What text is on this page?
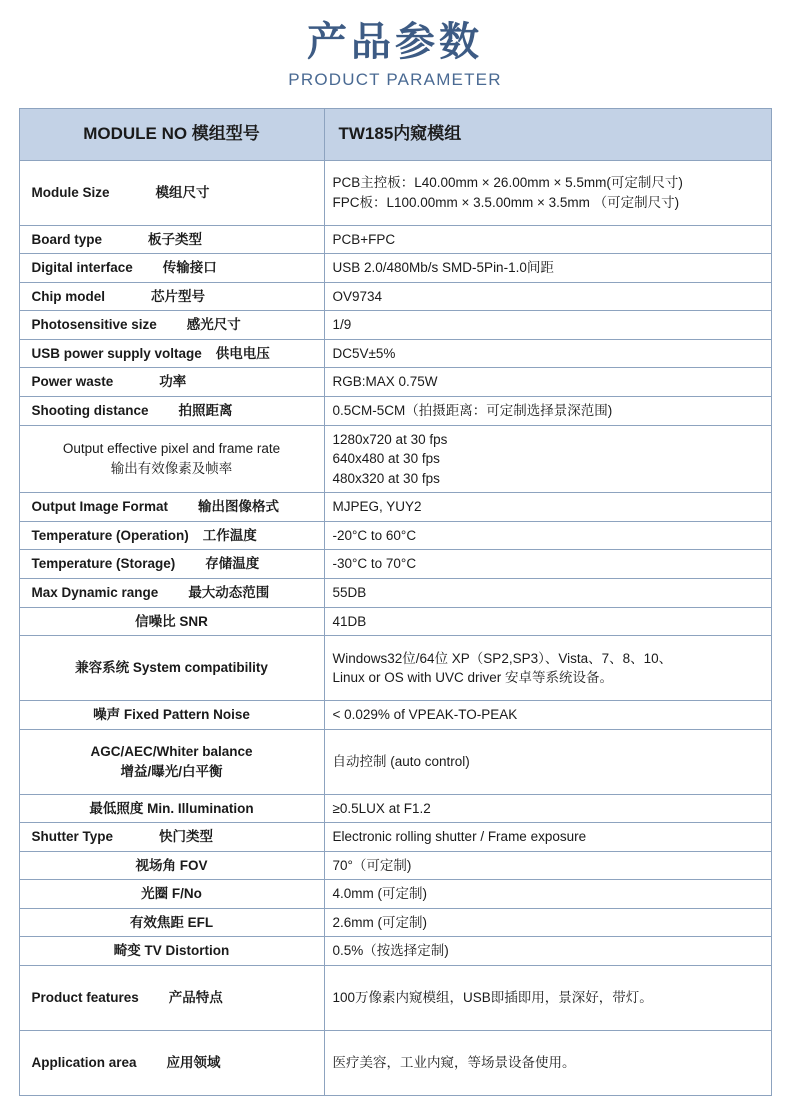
产品参数
PRODUCT PARAMETER
MODULE NO 模组型号	TW185内窥模组
Module Size 模组尺寸	PCB主控板：L40.00mm × 26.00mm × 5.5mm(可定制尺寸)
FPC板：L100.00mm × 3.5.00mm × 3.5mm （可定制尺寸)

Board type 板子类型	PCB+FPC

Digital interface 传输接口	USB 2.0/480Mb/s SMD-5Pin-1.0间距

Chip model 芯片型号	OV9734

Photosensitive size 感光尺寸	1/9

USB power supply voltage 供电电压	DC5V±5%

Power waste 功率	RGB:MAX 0.75W

Shooting distance 拍照距离	0.5CM-5CM（拍摄距离：可定制选择景深范围)

Output effective pixel and frame rate
输出有效像素及帧率	1280x720 at 30 fps
640x480 at 30 fps
480x320 at 30 fps

Output Image Format 输出图像格式	MJPEG, YUY2

Temperature (Operation) 工作温度	-20°C to 60°C

Temperature (Storage) 存储温度	-30°C to 70°C

Max Dynamic range 最大动态范围	55DB

信噪比 SNR	41DB

兼容系统 System compatibility	Windows32位/64位 XP（SP2,SP3）、Vista、7、8、10、
Linux or OS with UVC driver 安卓等系统设备。

噪声 Fixed Pattern Noise	< 0.029% of VPEAK-TO-PEAK

AGC/AEC/Whiter balance
增益/曝光/白平衡	自动控制 (auto control)

最低照度 Min. Illumination	≥0.5LUX at F1.2

Shutter Type 快门类型	Electronic rolling shutter / Frame exposure

视场角 FOV	70°（可定制)

光圈 F/No	4.0mm (可定制)

有效焦距 EFL	2.6mm (可定制)

畸变 TV Distortion	0.5%（按选择定制)

Product features 产品特点	100万像素内窥模组，USB即插即用，景深好，带灯。

Application area 应用领域	医疗美容，工业内窥，等场景设备使用。
